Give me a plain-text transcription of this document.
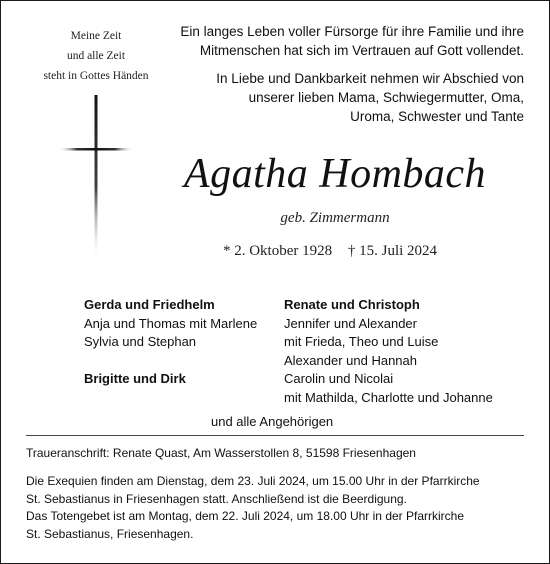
Meine Zeit
und alle Zeit
steht in Gottes Händen
Ein langes Leben voller Fürsorge für ihre Familie und ihre
Mitmenschen hat sich im Vertrauen auf Gott vollendet.
In Liebe und Dankbarkeit nehmen wir Abschied von
unserer lieben Mama, Schwiegermutter, Oma,
Uroma, Schwester und Tante
Agatha Hombach
geb. Zimmermann
* 2. Oktober 1928 † 15. Juli 2024
Gerda und Friedhelm
Anja und Thomas mit Marlene
Sylvia und Stephan
Brigitte und Dirk
Renate und Christoph
Jennifer und Alexander
mit Frieda, Theo und Luise
Alexander und Hannah
Carolin und Nicolai
mit Mathilda, Charlotte und Johanne
und alle Angehörigen
Traueranschrift: Renate Quast, Am Wasserstollen 8, 51598 Friesenhagen
Die Exequien finden am Dienstag, dem 23. Juli 2024, um 15.00 Uhr in der Pfarrkirche
St. Sebastianus in Friesenhagen statt. Anschließend ist die Beerdigung.
Das Totengebet ist am Montag, dem 22. Juli 2024, um 18.00 Uhr in der Pfarrkirche
St. Sebastianus, Friesenhagen.
